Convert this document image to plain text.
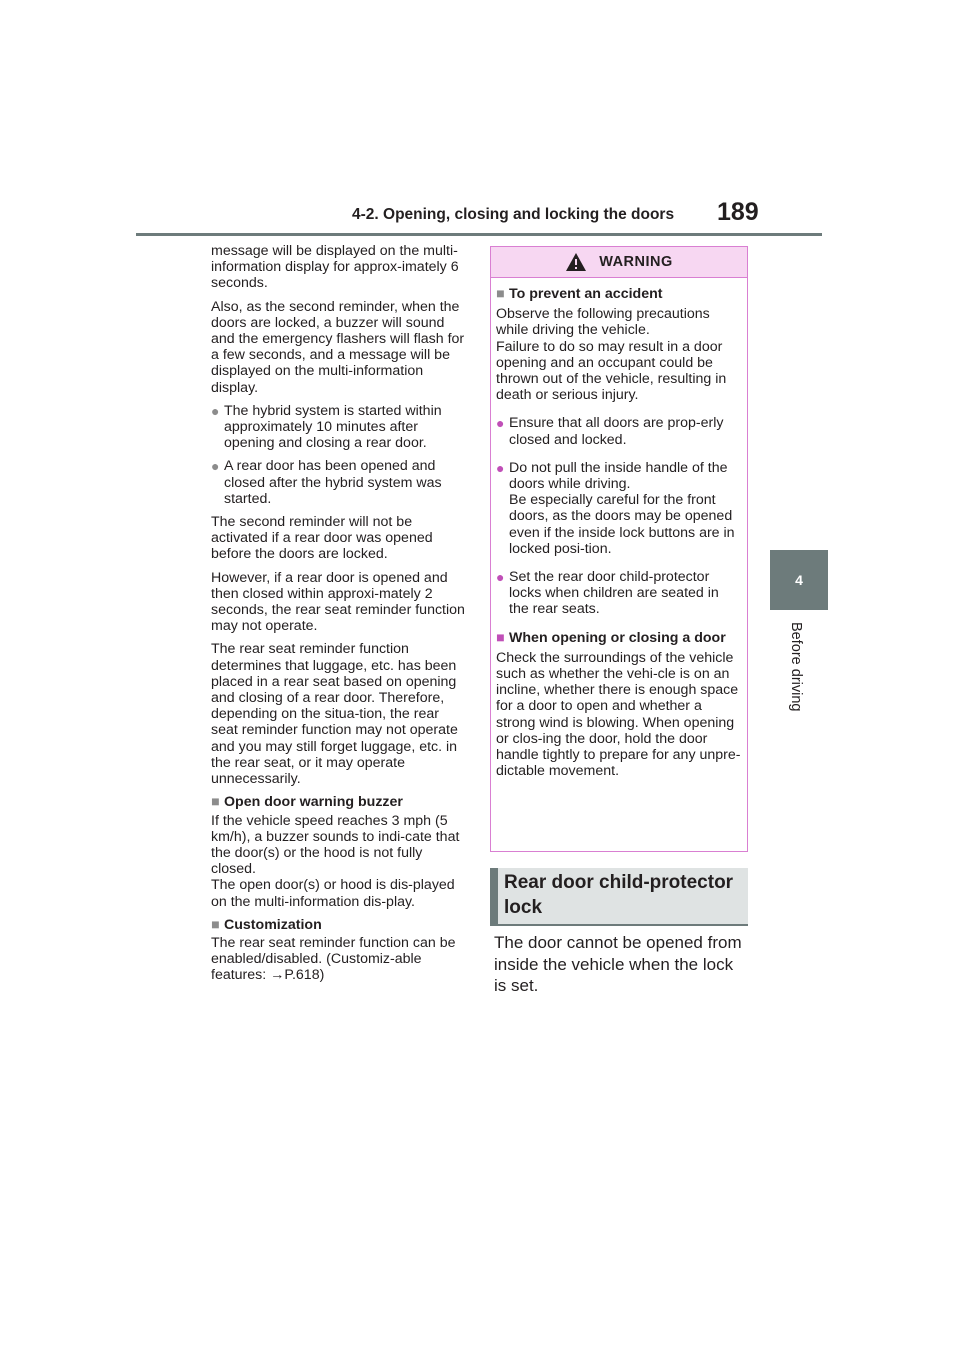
4-2. Opening, closing and locking the doors 189
4
Before driving

message will be displayed on the multi-information display for approx-imately 6 seconds.

Also, as the second reminder, when the doors are locked, a buzzer will sound and the emergency flashers will flash for a few seconds, and a message will be displayed on the multi-information display.

● The hybrid system is started within approximately 10 minutes after opening and closing a rear door.
● A rear door has been opened and closed after the hybrid system was started.

The second reminder will not be activated if a rear door was opened before the doors are locked.

However, if a rear door is opened and then closed within approxi-mately 2 seconds, the rear seat reminder function may not operate.

The rear seat reminder function determines that luggage, etc. has been placed in a rear seat based on opening and closing of a rear door. Therefore, depending on the situa-tion, the rear seat reminder function may not operate and you may still forget luggage, etc. in the rear seat, or it may operate unnecessarily.

■ Open door warning buzzer

If the vehicle speed reaches 3 mph (5 km/h), a buzzer sounds to indi-cate that the door(s) or the hood is not fully closed.

The open door(s) or hood is dis-played on the multi-information dis-play.

■ Customization

The rear seat reminder function can be enabled/disabled. (Customiz-able features: →P.618)

WARNING
■ To prevent an accident

Observe the following precautions while driving the vehicle.

Failure to do so may result in a door opening and an occupant could be thrown out of the vehicle, resulting in death or serious injury.

● Ensure that all doors are prop-erly closed and locked.
● Do not pull the inside handle of the doors while driving.
Be especially careful for the front doors, as the doors may be opened even if the inside lock buttons are in locked posi-tion.
● Set the rear door child-protector locks when children are seated in the rear seats.
■ When opening or closing a door

Check the surroundings of the vehicle such as whether the vehi-cle is on an incline, whether there is enough space for a door to open and whether a strong wind is blowing. When opening or clos-ing the door, hold the door handle tightly to prepare for any unpre-dictable movement.

Rear door child-protector lock
The door cannot be opened from inside the vehicle when the lock is set.
